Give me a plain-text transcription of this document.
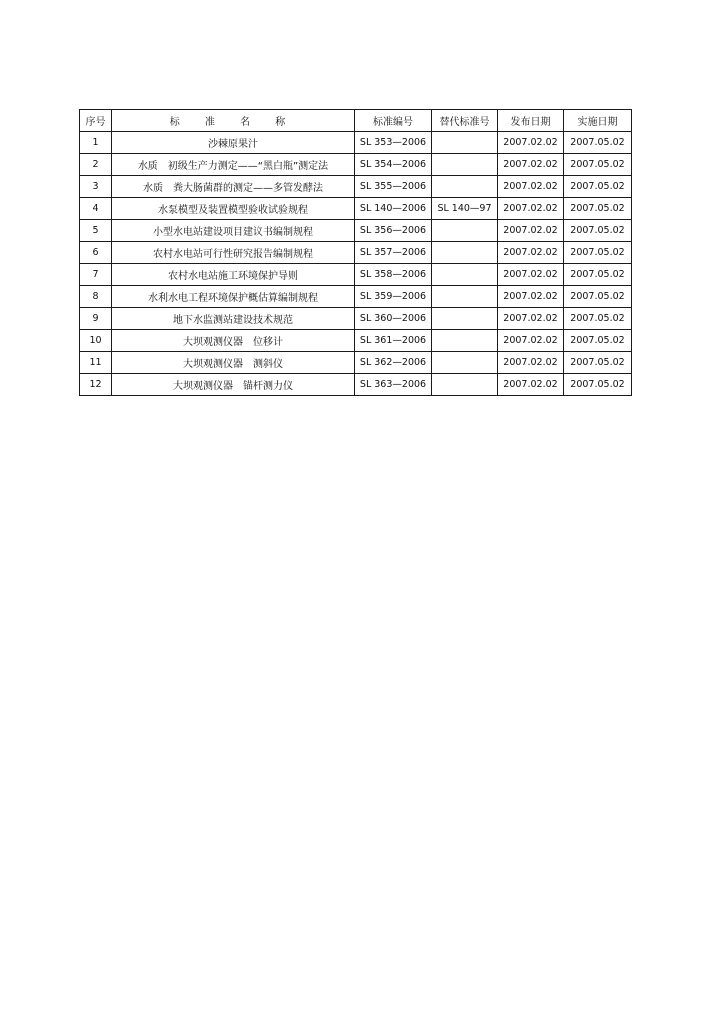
序号	标 准 名 称	标准编号	替代标准号	发布日期	实施日期
1	沙棘原果汁	SL 353—2006		2007.02.02	2007.05.02
2	水质　初级生产力测定——“黑白瓶”测定法	SL 354—2006		2007.02.02	2007.05.02
3	水质　粪大肠菌群的测定——多管发酵法	SL 355—2006		2007.02.02	2007.05.02
4	水泵模型及装置模型验收试验规程	SL 140—2006	SL 140—97	2007.02.02	2007.05.02
5	小型水电站建设项目建议书编制规程	SL 356—2006		2007.02.02	2007.05.02
6	农村水电站可行性研究报告编制规程	SL 357—2006		2007.02.02	2007.05.02
7	农村水电站施工环境保护导则	SL 358—2006		2007.02.02	2007.05.02
8	水利水电工程环境保护概估算编制规程	SL 359—2006		2007.02.02	2007.05.02
9	地下水监测站建设技术规范	SL 360—2006		2007.02.02	2007.05.02
10	大坝观测仪器　位移计	SL 361—2006		2007.02.02	2007.05.02
11	大坝观测仪器　测斜仪	SL 362—2006		2007.02.02	2007.05.02
12	大坝观测仪器　锚杆测力仪	SL 363—2006		2007.02.02	2007.05.02
